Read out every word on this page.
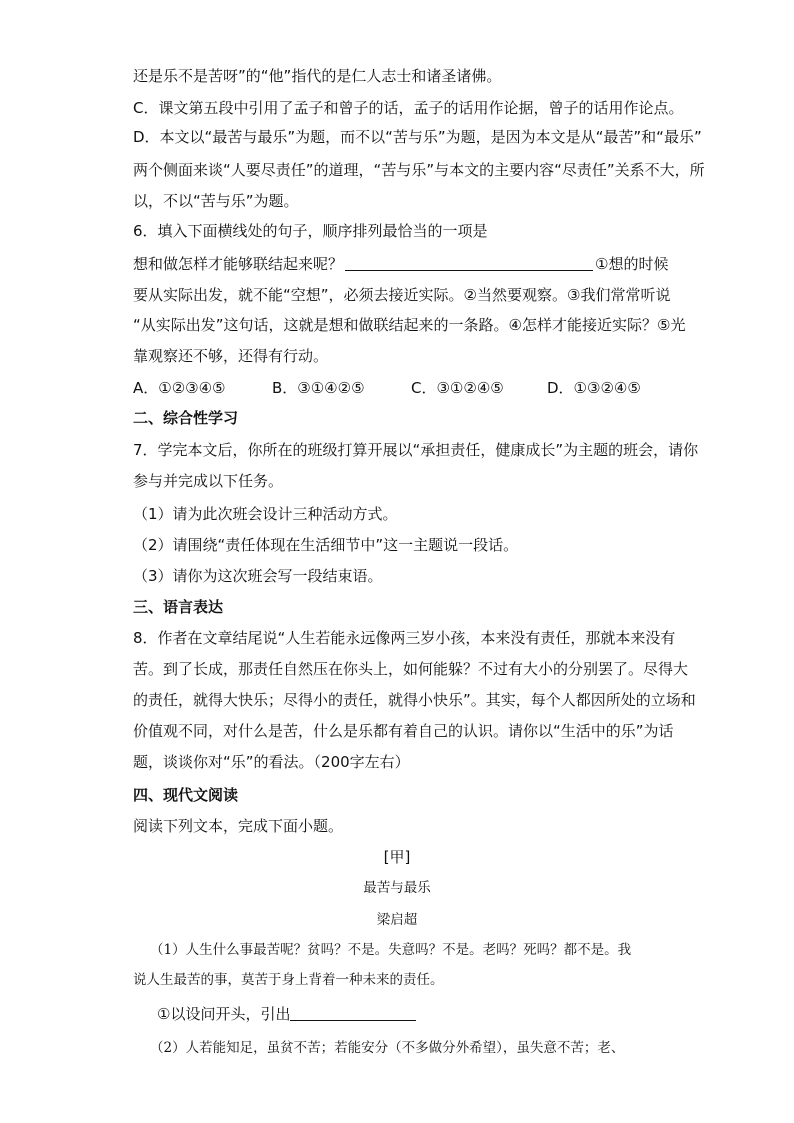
还是乐不是苦呀”的“他”指代的是仁人志士和诸圣诸佛。
C．课文第五段中引用了孟子和曾子的话，孟子的话用作论据，曾子的话用作论点。
D．本文以“最苦与最乐”为题，而不以“苦与乐”为题，是因为本文是从“最苦”和“最乐”
两个侧面来谈“人要尽责任”的道理，“苦与乐”与本文的主要内容“尽责任”关系不大，所
以，不以“苦与乐”为题。
6．填入下面横线处的句子，顺序排列最恰当的一项是
想和做怎样才能够联结起来呢？	①想的时候
要从实际出发，就不能“空想”，必须去接近实际。②当然要观察。③我们常常听说
“从实际出发”这句话，这就是想和做联结起来的一条路。④怎样才能接近实际？⑤光
靠观察还不够，还得有行动。
A．①②③④⑤	B．③①④②⑤	C．③①②④⑤	D．①③②④⑤
二、综合性学习
7．学完本文后，你所在的班级打算开展以“承担责任，健康成长”为主题的班会，请你
参与并完成以下任务。
（1）请为此次班会设计三种活动方式。
（2）请围绕“责任体现在生活细节中”这一主题说一段话。
（3）请你为这次班会写一段结束语。
三、语言表达
8．作者在文章结尾说“人生若能永远像两三岁小孩，本来没有责任，那就本来没有
苦。到了长成，那责任自然压在你头上，如何能躲？不过有大小的分别罢了。尽得大
的责任，就得大快乐；尽得小的责任，就得小快乐”。其实，每个人都因所处的立场和
价值观不同，对什么是苦，什么是乐都有着自己的认识。请你以“生活中的乐”为话
题，谈谈你对“乐”的看法。（200字左右）
四、现代文阅读
阅读下列文本，完成下面小题。
[甲]
最苦与最乐
梁启超
（1）人生什么事最苦呢？贫吗？不是。失意吗？不是。老吗？死吗？都不是。我
说人生最苦的事，莫苦于身上背着一种未来的责任。
①以设问开头，引出
（2）人若能知足，虽贫不苦；若能安分（不多做分外希望），虽失意不苦；老、
